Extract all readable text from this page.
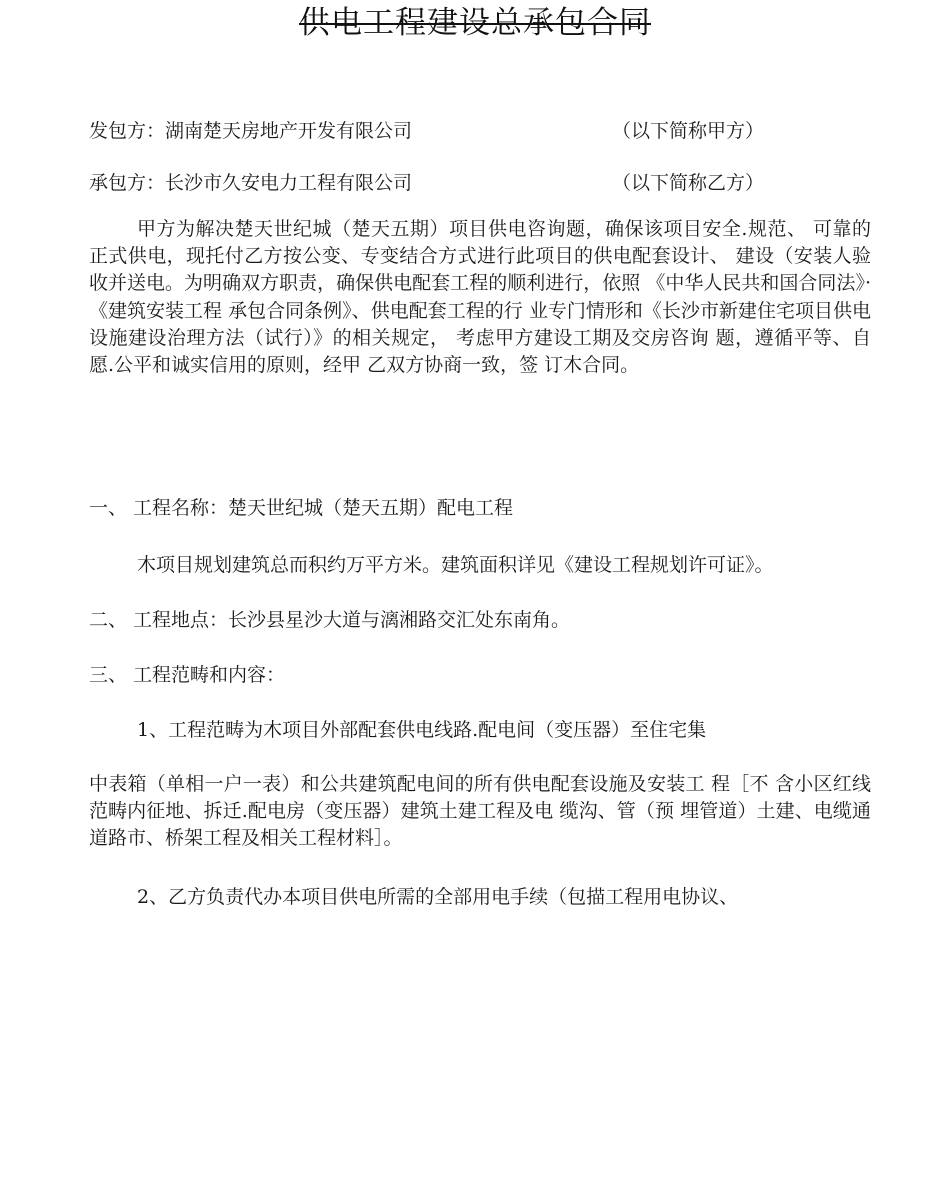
供电工程建设总承包合同
发包方：湖南楚天房地产开发有限公司	（以下简称甲方）
承包方：长沙市久安电力工程有限公司	（以下简称乙方）
甲方为解决楚天世纪城（楚天五期）项目供电咨询题，确保该项目安全.规范、 可靠的正式供电，现托付乙方按公变、专变结合方式进行此项目的供电配套设计、 建设（安装人验收并送电。为明确双方职责，确保供电配套工程的顺利进行，依照 《中华人民共和国合同法》·《建筑安装工程 承包合同条例》、供电配套工程的行 业专门情形和《长沙市新建住宅项目供电设施建设治理方法（试行）》的相关规定， 考虑甲方建设工期及交房咨询 题，遵循平等、自愿.公平和诚实信用的原则，经甲 乙双方协商一致，签 订木合同。
一、 工程名称：楚天世纪城（楚天五期）配电工程
木项目规划建筑总而积约万平方米。建筑面积详见《建设工程规划许可证》。
二、 工程地点：长沙县星沙大道与漓湘路交汇处东南角。
三、 工程范畴和内容：
1、工程范畴为木项目外部配套供电线路.配电间（变压器）至住宅集
中表箱（单相一户一表）和公共建筑配电间的所有供电配套设施及安装工 程［不 含小区红线范畴内征地、拆迁.配电房（变压器）建筑土建工程及电 缆沟、管（预 埋管道）土建、电缆通道路市、桥架工程及相关工程材料］。
2、乙方负责代办本项目供电所需的全部用电手续（包描工程用电协议、
